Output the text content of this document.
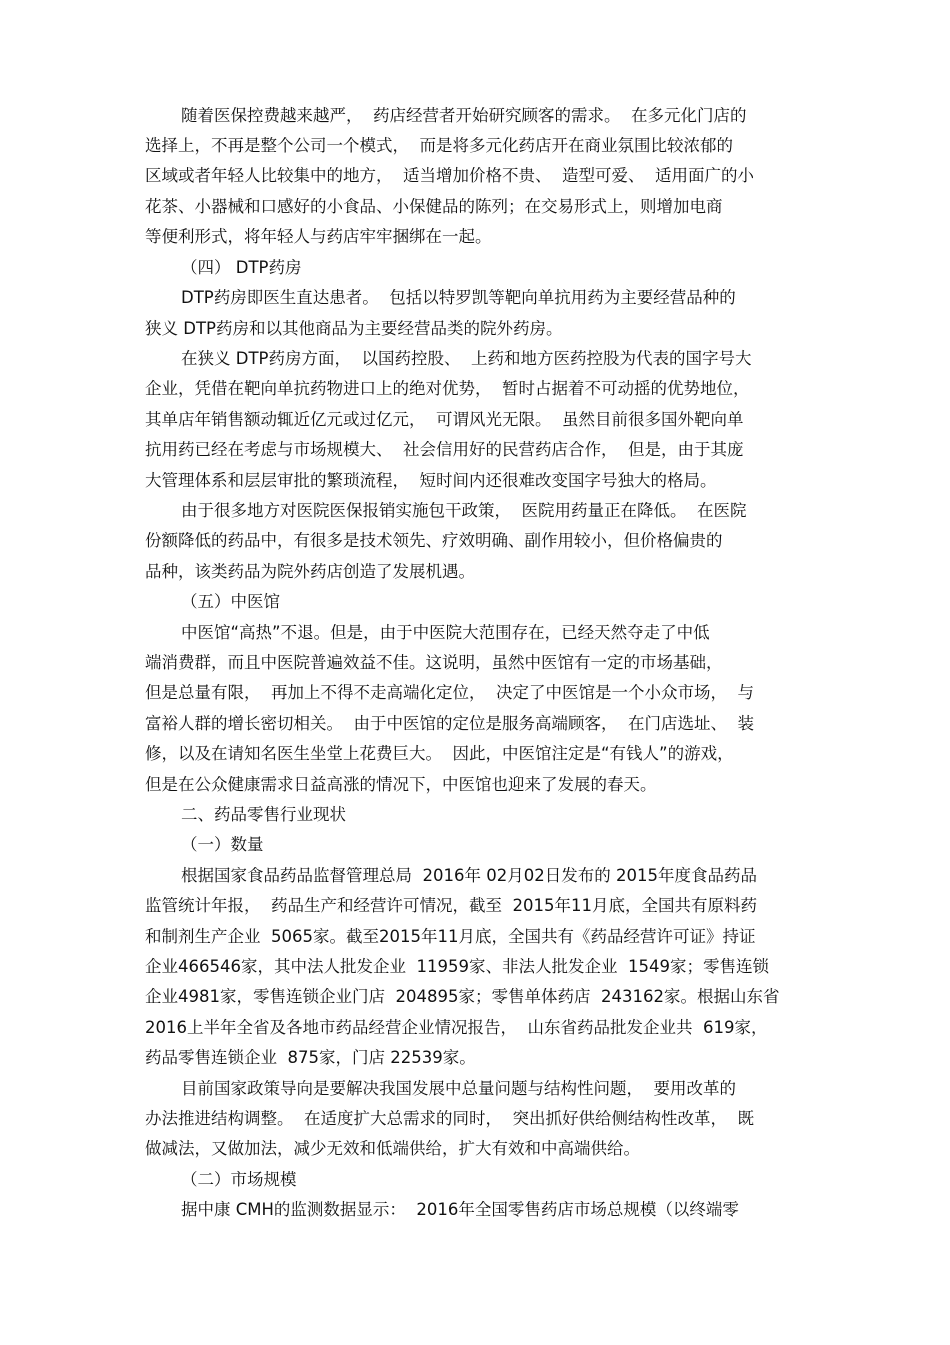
随着医保控费越来越严，  药店经营者开始研究顾客的需求。  在多元化门店的
选择上，不再是整个公司一个模式，  而是将多元化药店开在商业氛围比较浓郁的
区域或者年轻人比较集中的地方，  适当增加价格不贵、  造型可爱、  适用面广的小
花茶、小器械和口感好的小食品、小保健品的陈列；在交易形式上，则增加电商
等便利形式，将年轻人与药店牢牢捆绑在一起。
（四） DTP药房
DTP药房即医生直达患者。  包括以特罗凯等靶向单抗用药为主要经营品种的
狭义 DTP药房和以其他商品为主要经营品类的院外药房。
在狭义 DTP药房方面，  以国药控股、  上药和地方医药控股为代表的国字号大
企业，凭借在靶向单抗药物进口上的绝对优势，  暂时占据着不可动摇的优势地位，
其单店年销售额动辄近亿元或过亿元，  可谓风光无限。  虽然目前很多国外靶向单
抗用药已经在考虑与市场规模大、  社会信用好的民营药店合作，  但是，由于其庞
大管理体系和层层审批的繁琐流程，  短时间内还很难改变国字号独大的格局。
由于很多地方对医院医保报销实施包干政策，  医院用药量正在降低。  在医院
份额降低的药品中，有很多是技术领先、疗效明确、副作用较小，但价格偏贵的
品种，该类药品为院外药店创造了发展机遇。
（五）中医馆
中医馆“高热”不退。但是，由于中医院大范围存在，已经天然夺走了中低
端消费群，而且中医院普遍效益不佳。这说明，虽然中医馆有一定的市场基础，
但是总量有限，  再加上不得不走高端化定位，  决定了中医馆是一个小众市场，  与
富裕人群的增长密切相关。  由于中医馆的定位是服务高端顾客，  在门店选址、  装
修，以及在请知名医生坐堂上花费巨大。  因此，中医馆注定是“有钱人”的游戏，
但是在公众健康需求日益高涨的情况下，中医馆也迎来了发展的春天。
二、药品零售行业现状
（一）数量
根据国家食品药品监督管理总局  2016年 02月02日发布的 2015年度食品药品
监管统计年报，  药品生产和经营许可情况，截至  2015年11月底，全国共有原料药
和制剂生产企业  5065家。截至2015年11月底，全国共有《药品经营许可证》持证
企业466546家，其中法人批发企业  11959家、非法人批发企业  1549家；零售连锁
企业4981家，零售连锁企业门店  204895家；零售单体药店  243162家。根据山东省
2016上半年全省及各地市药品经营企业情况报告，  山东省药品批发企业共  619家，
药品零售连锁企业  875家，门店 22539家。
目前国家政策导向是要解决我国发展中总量问题与结构性问题，  要用改革的
办法推进结构调整。  在适度扩大总需求的同时，  突出抓好供给侧结构性改革，  既
做减法，又做加法，减少无效和低端供给，扩大有效和中高端供给。
（二）市场规模
据中康 CMH的监测数据显示：  2016年全国零售药店市场总规模（以终端零
